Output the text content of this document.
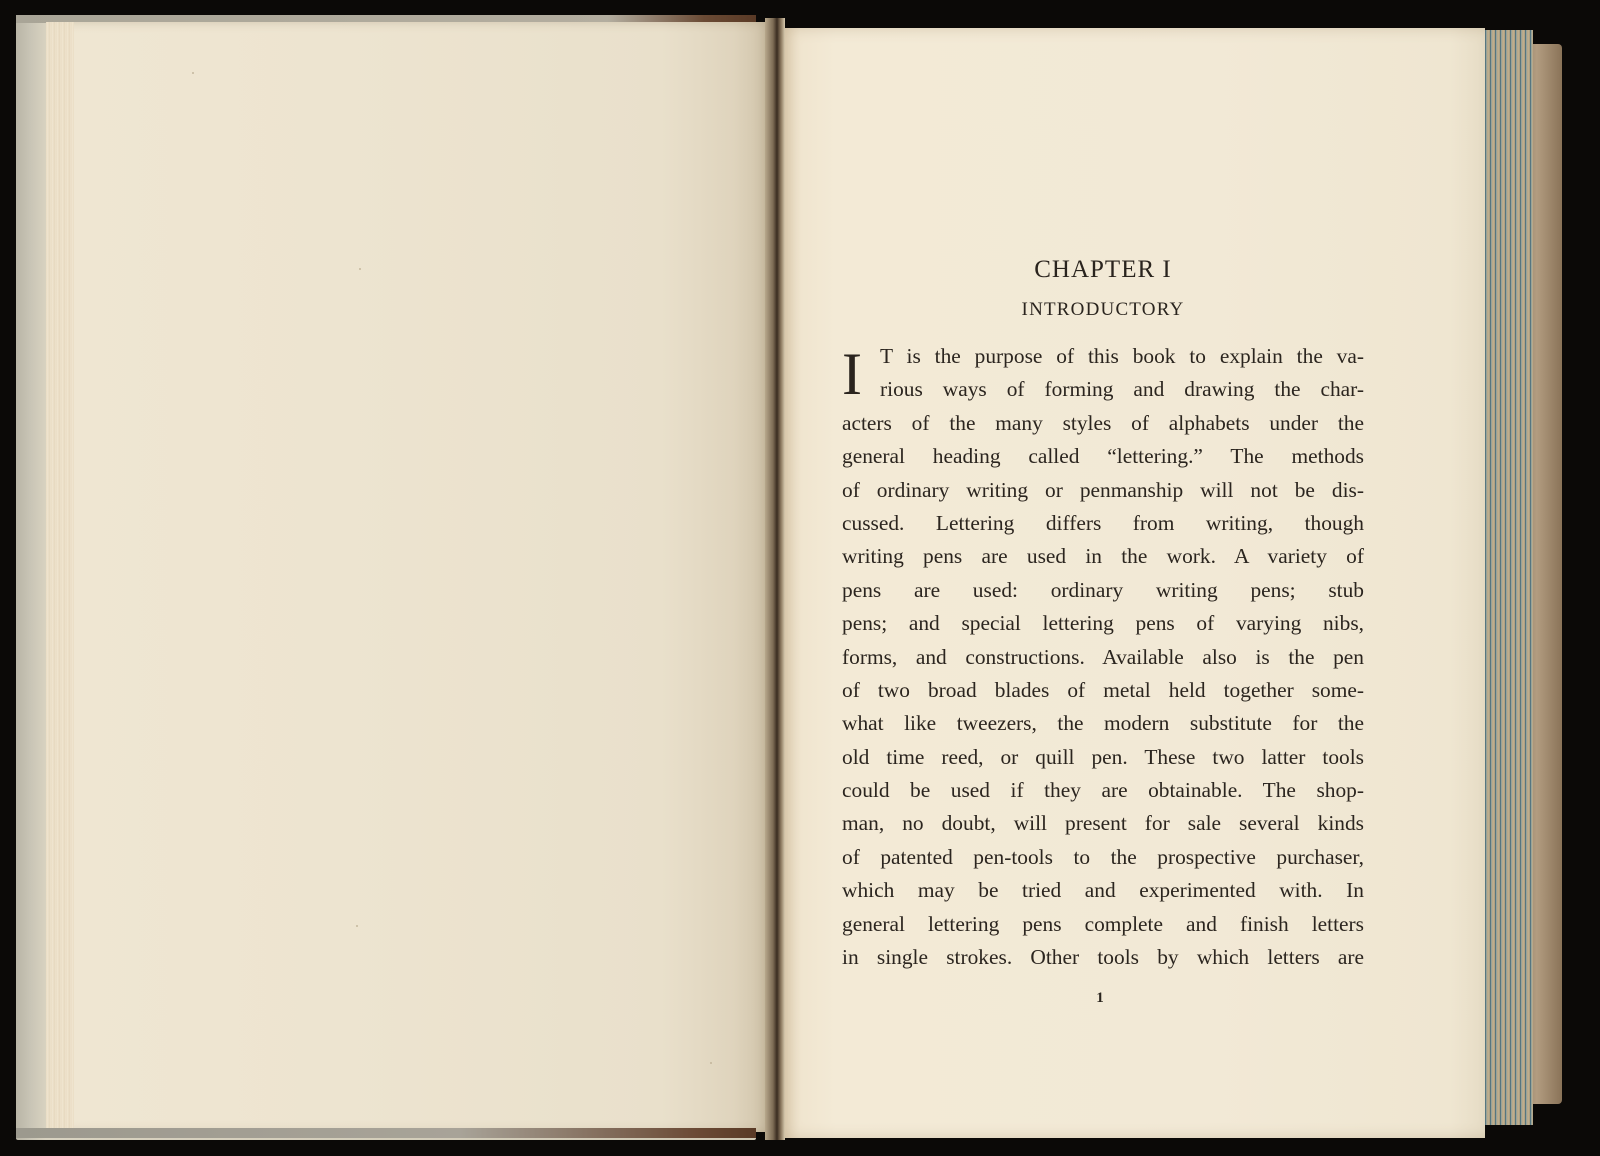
CHAPTER I
INTRODUCTORY
I T is the purpose of this book to explain the va-
rious ways of forming and drawing the char-
acters of the many styles of alphabets under the
general heading called “lettering.” The methods
of ordinary writing or penmanship will not be dis-
cussed. Lettering differs from writing, though
writing pens are used in the work. A variety of
pens are used: ordinary writing pens; stub
pens; and special lettering pens of varying nibs,
forms, and constructions. Available also is the pen
of two broad blades of metal held together some-
what like tweezers, the modern substitute for the
old time reed, or quill pen. These two latter tools
could be used if they are obtainable. The shop-
man, no doubt, will present for sale several kinds
of patented pen-tools to the prospective purchaser,
which may be tried and experimented with. In
general lettering pens complete and finish letters
in single strokes. Other tools by which letters are
1
